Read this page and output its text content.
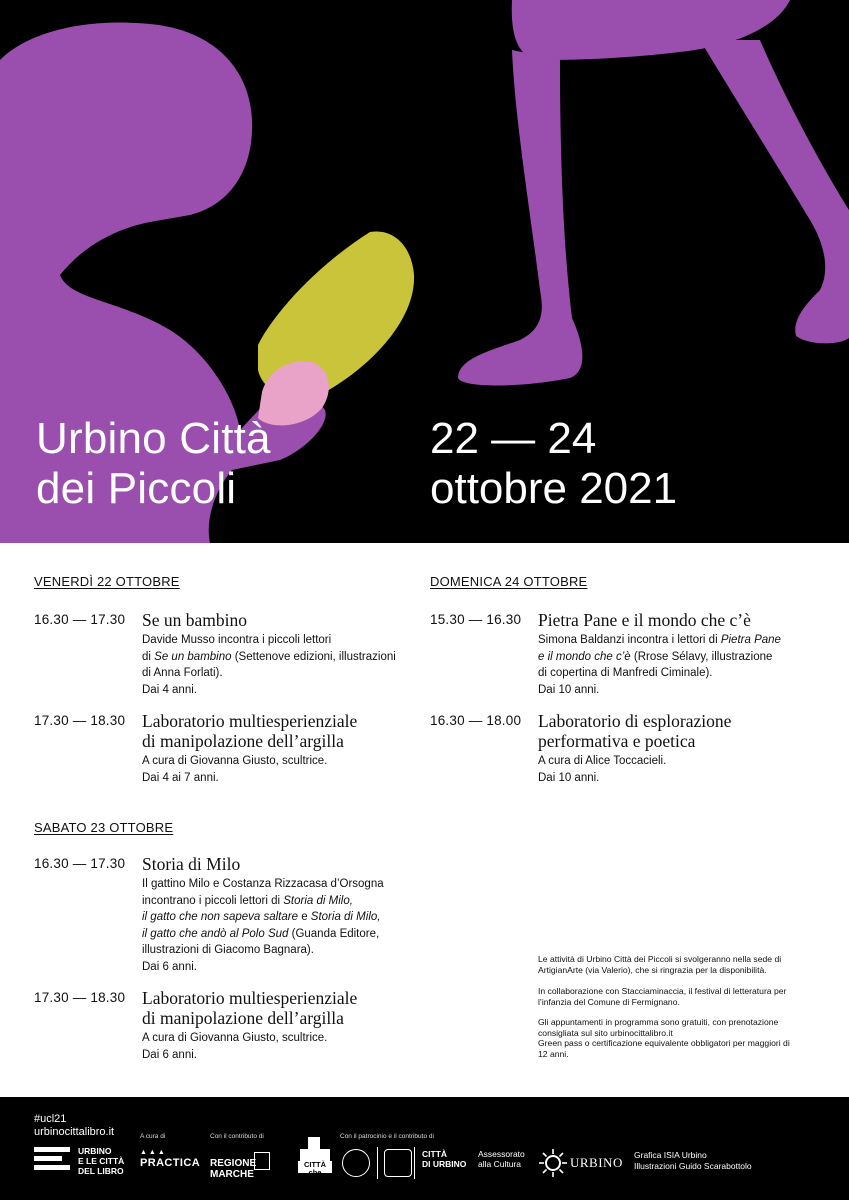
Urbino Città
dei Piccoli
22 — 24
ottobre 2021
VENERDÌ 22 OTTOBRE
16.30 — 17.30 Se un bambino
Davide Musso incontra i piccoli lettori
di Se un bambino (Settenove edizioni, illustrazioni
di Anna Forlati).
Dai 4 anni.
17.30 — 18.30 Laboratorio multiesperienziale
di manipolazione dell’argilla
A cura di Giovanna Giusto, scultrice.
Dai 4 ai 7 anni.
SABATO 23 OTTOBRE
16.30 — 17.30 Storia di Milo
Il gattino Milo e Costanza Rizzacasa d’Orsogna
incontrano i piccoli lettori di Storia di Milo,
il gatto che non sapeva saltare e Storia di Milo,
il gatto che andò al Polo Sud (Guanda Editore,
illustrazioni di Giacomo Bagnara).
Dai 6 anni.
17.30 — 18.30 Laboratorio multiesperienziale
di manipolazione dell’argilla
A cura di Giovanna Giusto, scultrice.
Dai 6 anni.
DOMENICA 24 OTTOBRE
15.30 — 16.30 Pietra Pane e il mondo che c’è
Simona Baldanzi incontra i lettori di Pietra Pane
e il mondo che c’è (Rrose Sélavy, illustrazione
di copertina di Manfredi Ciminale).
Dai 10 anni.
16.30 — 18.00 Laboratorio di esplorazione
performativa e poetica
A cura di Alice Toccacieli.
Dai 10 anni.
Le attività di Urbino Città dei Piccoli si svolgeranno nella sede di ArtigianArte (via Valerio), che si ringrazia per la disponibilità.
In collaborazione con Stacciaminaccia, il festival di letteratura per l’infanzia del Comune di Fermignano.
Gli appuntamenti in programma sono gratuiti, con prenotazione consigliata sul sito urbinocittalibro.it
Green pass o certificazione equivalente obbligatori per maggiori di 12 anni.
#ucl21
urbinocittalibro.it
URBINO
E LE CITTÀ
DEL LIBRO
A cura di
▲▲▲
PRACTICA
Con il contributo di

REGIONE
MARCHE

CITTÀ
che legge
Con il patrocinio e il contributo di
CITTÀ
DI URBINO
Assessorato
alla Cultura	URBINO Grafica ISIA Urbino
Illustrazioni Guido Scarabottolo
